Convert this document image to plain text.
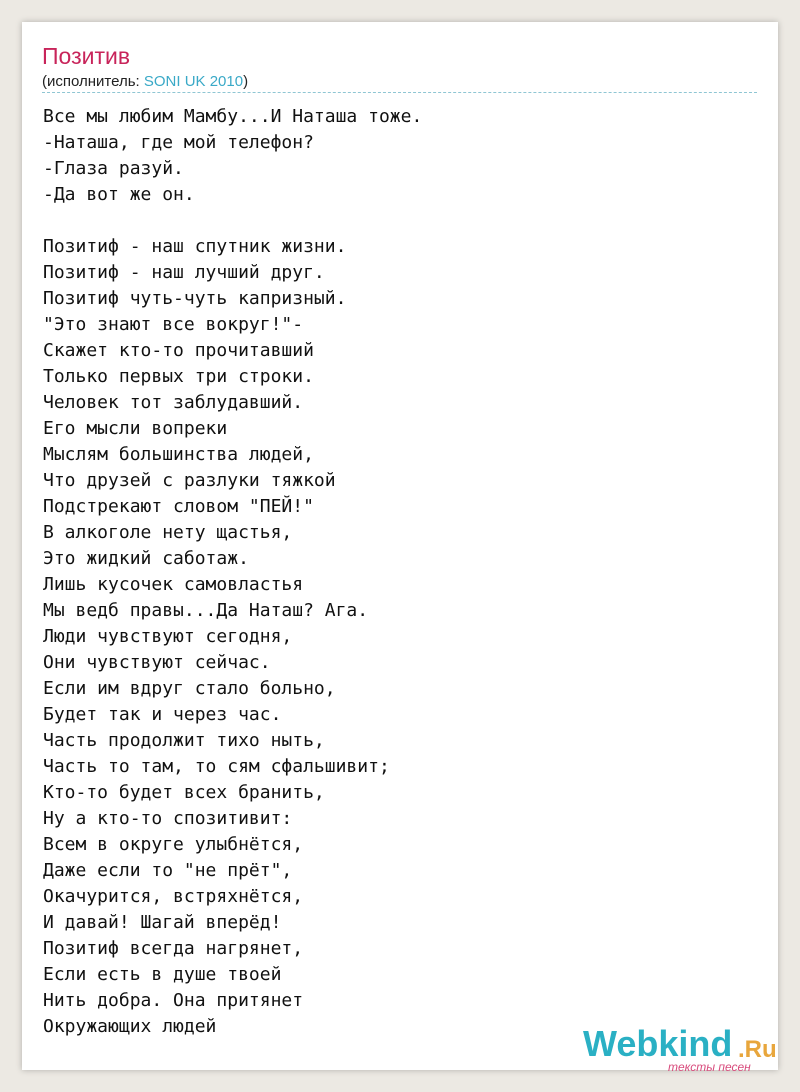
Позитив
(исполнитель: SONI UK 2010)
Все мы любим Мамбу...И Наташа тоже.
-Наташа, где мой телефон?
-Глаза разуй.
-Да вот же он.

Позитиф - наш спутник жизни.
Позитиф - наш лучший друг.
Позитиф чуть-чуть капризный.
"Это знают все вокруг!"-
Скажет кто-то прочитавший
Только первых три строки.
Человек тот заблудавший.
Его мысли вопреки
Мыслям большинства людей,
Что друзей с разлуки тяжкой
Подстрекают словом "ПЕЙ!"
В алкоголе нету щастья,
Это жидкий саботаж.
Лишь кусочек самовластья
Мы ведб правы...Да Наташ? Ага.
Люди чувствуют сегодня,
Они чувствуют сейчас.
Если им вдруг стало больно,
Будет так и через час.
Часть продолжит тихо ныть,
Часть то там, то сям сфальшивит;
Кто-то будет всех бранить,
Ну а кто-то спозитивит:
Всем в округе улыбнётся,
Даже если то "не прёт",
Окачурится, встряхнётся,
И давай! Шагай вперёд!
Позитиф всегда нагрянет,
Если есть в душе твоей
Нить добра. Она притянет
Окружающих людей	Webkind .Ru
тексты песен
